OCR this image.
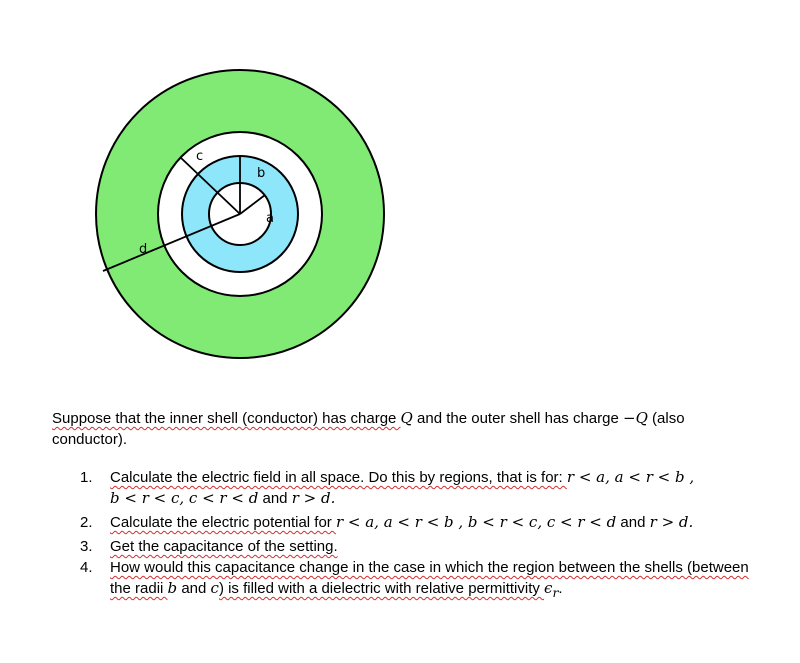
a
b
c
d
Suppose that the inner shell (conductor) has charge Q and the outer shell has charge −Q (also conductor).
1. Calculate the electric field in all space. Do this by regions, that is for: r < a, a < r < b ,
b < r < c, c < r < d and r > d.
2. Calculate the electric potential for r < a, a < r < b , b < r < c, c < r < d and r > d.
3. Get the capacitance of the setting.
4. How would this capacitance change in the case in which the region between the shells (between the radii b and c) is filled with a dielectric with relative permittivity $\epsilon_r$.
